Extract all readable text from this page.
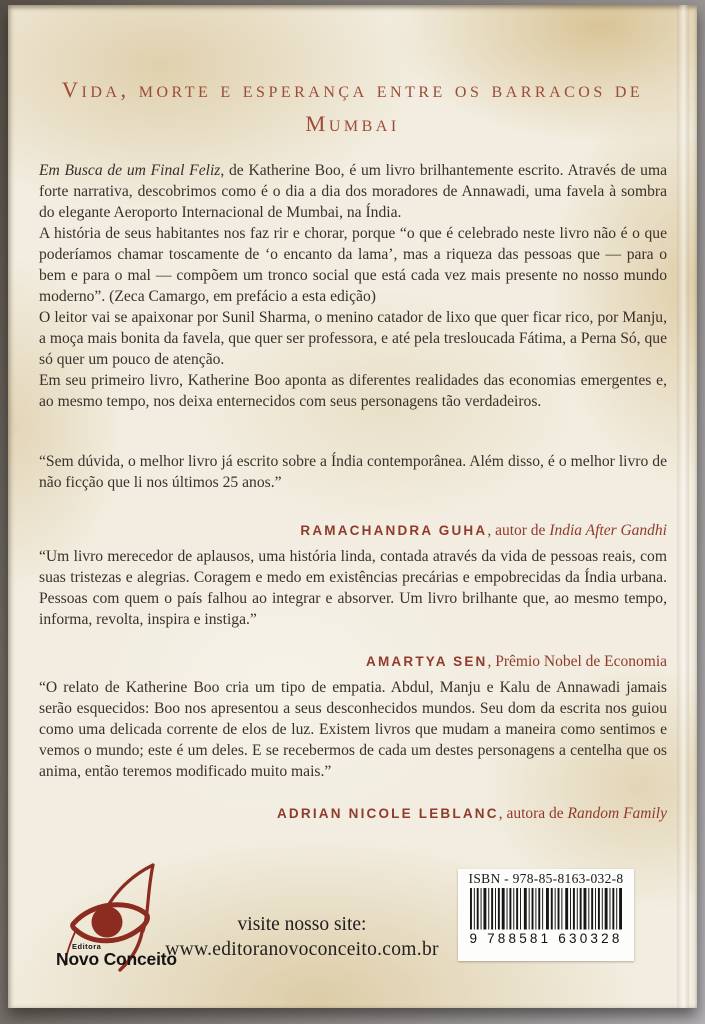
Vida, morte e esperança entre os barracos de Mumbai

Em Busca de um Final Feliz, de Katherine Boo, é um livro brilhantemente escrito. Através de uma forte narrativa, descobrimos como é o dia a dia dos moradores de Annawadi, uma favela à sombra do elegante Aeroporto Internacional de Mumbai, na Índia.

A história de seus habitantes nos faz rir e chorar, porque “o que é celebrado neste livro não é o que poderíamos chamar toscamente de ‘o encanto da lama’, mas a riqueza das pessoas que — para o bem e para o mal — compõem um tronco social que está cada vez mais presente no nosso mundo moderno”. (Zeca Camargo, em prefácio a esta edição)

O leitor vai se apaixonar por Sunil Sharma, o menino catador de lixo que quer ficar rico, por Manju, a moça mais bonita da favela, que quer ser professora, e até pela tresloucada Fátima, a Perna Só, que só quer um pouco de atenção.

Em seu primeiro livro, Katherine Boo aponta as diferentes realidades das economias emergentes e, ao mesmo tempo, nos deixa enternecidos com seus personagens tão verdadeiros.

“Sem dúvida, o melhor livro já escrito sobre a Índia contemporânea. Além disso, é o melhor livro de não ficção que li nos últimos 25 anos.”

RAMACHANDRA GUHA, autor de India After Gandhi

“Um livro merecedor de aplausos, uma história linda, contada através da vida de pessoas reais, com suas tristezas e alegrias. Coragem e medo em existências precárias e empobrecidas da Índia urbana. Pessoas com quem o país falhou ao integrar e absorver. Um livro brilhante que, ao mesmo tempo, informa, revolta, inspira e instiga.”

AMARTYA SEN, Prêmio Nobel de Economia

“O relato de Katherine Boo cria um tipo de empatia. Abdul, Manju e Kalu de Annawadi jamais serão esquecidos: Boo nos apresentou a seus desconhecidos mundos. Seu dom da escrita nos guiou como uma delicada corrente de elos de luz. Existem livros que mudam a maneira como sentimos e vemos o mundo; este é um deles. E se recebermos de cada um destes personagens a centelha que os anima, então teremos modificado muito mais.”

ADRIAN NICOLE LEBLANC, autora de Random Family

Editora

Novo Conceito

visite nosso site:

www.editoranovoconceito.com.br

ISBN - 978-85-8163-032-8

9 788581 630328
